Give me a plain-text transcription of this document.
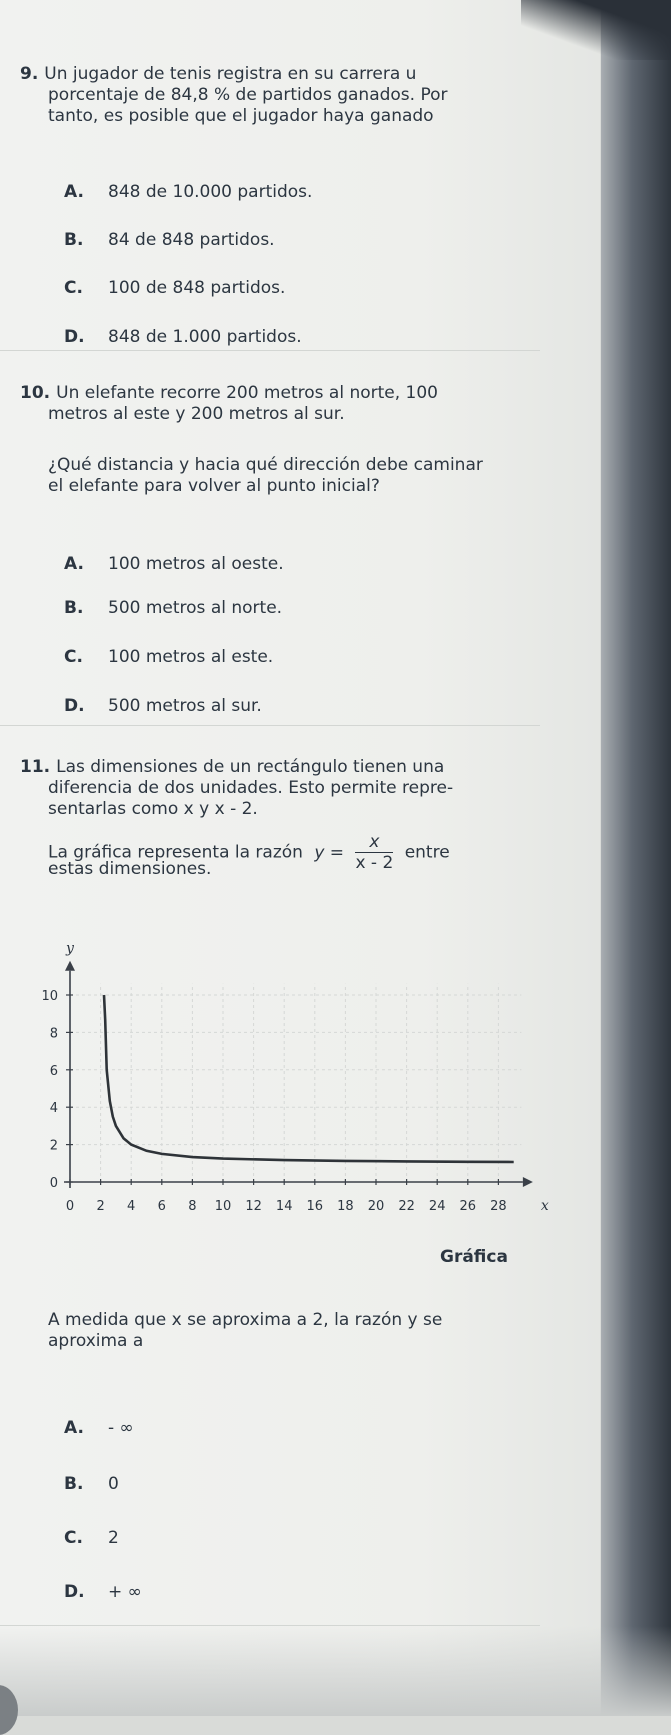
9. Un jugador de tenis registra en su carrera u
porcentaje de 84,8 % de partidos ganados. Por
tanto, es posible que el jugador haya ganado
A. 848 de 10.000 partidos.
B. 84 de 848 partidos.
C. 100 de 848 partidos.
D. 848 de 1.000 partidos.
10. Un elefante recorre 200 metros al norte, 100
metros al este y 200 metros al sur.
¿Qué distancia y hacia qué dirección debe caminar
el elefante para volver al punto inicial?
A. 100 metros al oeste.
B. 500 metros al norte.
C. 100 metros al este.
D. 500 metros al sur.
11. Las dimensiones de un rectángulo tienen una
diferencia de dos unidades. Esto permite repre-
sentarlas como x y x - 2.
La gráfica representa la razón $y = \frac{x}{x - 2}$ entre
estas dimensiones.
x
y
0 2 4 6 8 10 12 14 16 18 20 22 24 26 28
0
2
4
6
8
10
Gráfica
A medida que x se aproxima a 2, la razón y se
aproxima a
A. - ∞
B. 0
C. 2
D. + ∞
